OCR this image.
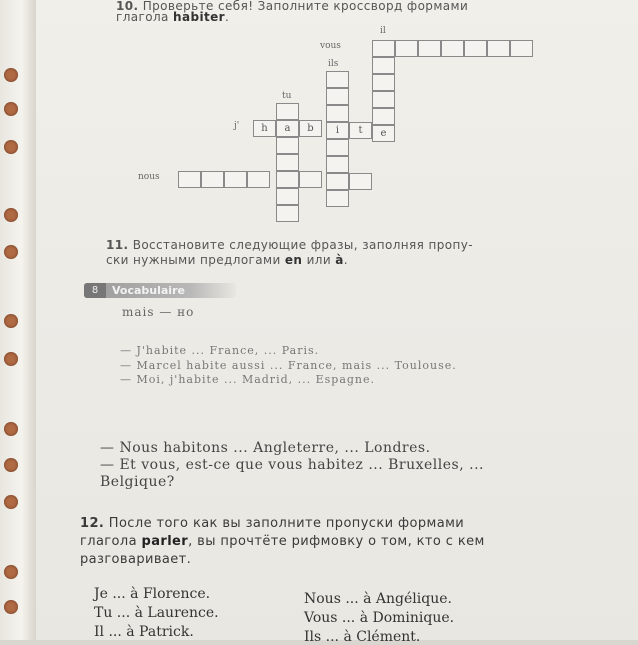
10. Проверьте себя! Заполните кроссворд формами
глагола habiter.
il
vous
ils
tu
j'
nous
h	a	b	i	t	e
11. Восстановите следующие фразы, заполняя пропу-
ски нужными предлогами en или à.
8	Vocabulaire
mais — но
— J'habite ... France, ... Paris.
— Marcel habite aussi ... France, mais ... Toulouse.
— Moi, j'habite ... Madrid, ... Espagne.
— Nous habitons ... Angleterre, ... Londres.
— Et vous, est-ce que vous habitez ... Bruxelles, ...
Belgique?
12. После того как вы заполните пропуски формами
глагола parler, вы прочтёте рифмовку о том, кто с кем
разговаривает.
Je ... à Florence.
Tu ... à Laurence.
Il ... à Patrick.
Nous ... à Angélique.
Vous ... à Dominique.
Ils ... à Clément.
